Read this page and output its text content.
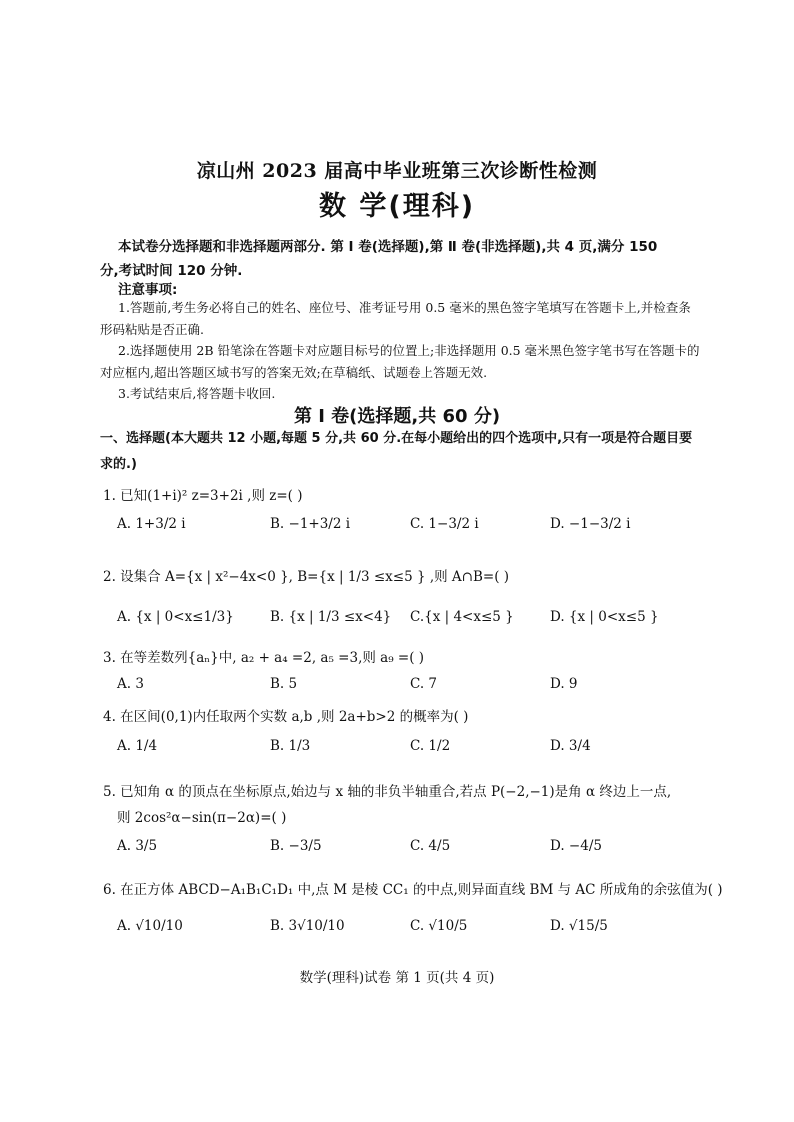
凉山州 2023 届高中毕业班第三次诊断性检测
数 学(理科)
本试卷分选择题和非选择题两部分. 第 Ⅰ 卷(选择题),第 Ⅱ 卷(非选择题),共 4 页,满分 150
分,考试时间 120 分钟.
注意事项:

1.答题前,考生务必将自己的姓名、座位号、准考证号用 0.5 毫米的黑色签字笔填写在答题卡上,并检查条形码粘贴是否正确.

2.选择题使用 2B 铅笔涂在答题卡对应题目标号的位置上;非选择题用 0.5 毫米黑色签字笔书写在答题卡的对应框内,超出答题区域书写的答案无效;在草稿纸、试题卷上答题无效.

3.考试结束后,将答题卡收回.

第 Ⅰ 卷(选择题,共 60 分)
一、选择题(本大题共 12 小题,每题 5 分,共 60 分.在每小题给出的四个选项中,只有一项是符合题目要求的.)
1. 已知(1+i)² z=3+2i ,则 z=( )
A. 1+3/2 i	B. −1+3/2 i	C. 1−3/2 i	D. −1−3/2 i
2. 设集合 A={x | x²−4x<0 }, B={x | 1/3 ≤x≤5 } ,则 A∩B=( )
A. {x | 0<x≤1/3}	B. {x | 1/3 ≤x<4} C.{x | 4<x≤5 }	D. {x | 0<x≤5 }
3. 在等差数列{aₙ}中, a₂ + a₄ =2, a₅ =3,则 a₉ =( )
A. 3	B. 5	C. 7	D. 9
4. 在区间(0,1)内任取两个实数 a,b ,则 2a+b>2 的概率为( )
A. 1/4	B. 1/3	C. 1/2	D. 3/4
5. 已知角 α 的顶点在坐标原点,始边与 x 轴的非负半轴重合,若点 P(−2,−1)是角 α 终边上一点,
则 2cos²α−sin(π−2α)=( )
A. 3/5	B. −3/5	C. 4/5	D. −4/5
6. 在正方体 ABCD−A₁B₁C₁D₁ 中,点 M 是棱 CC₁ 的中点,则异面直线 BM 与 AC 所成角的余弦值为( )
A. √10/10	B. 3√10/10	C. √10/5	D. √15/5
数学(理科)试卷 第 1 页(共 4 页)
